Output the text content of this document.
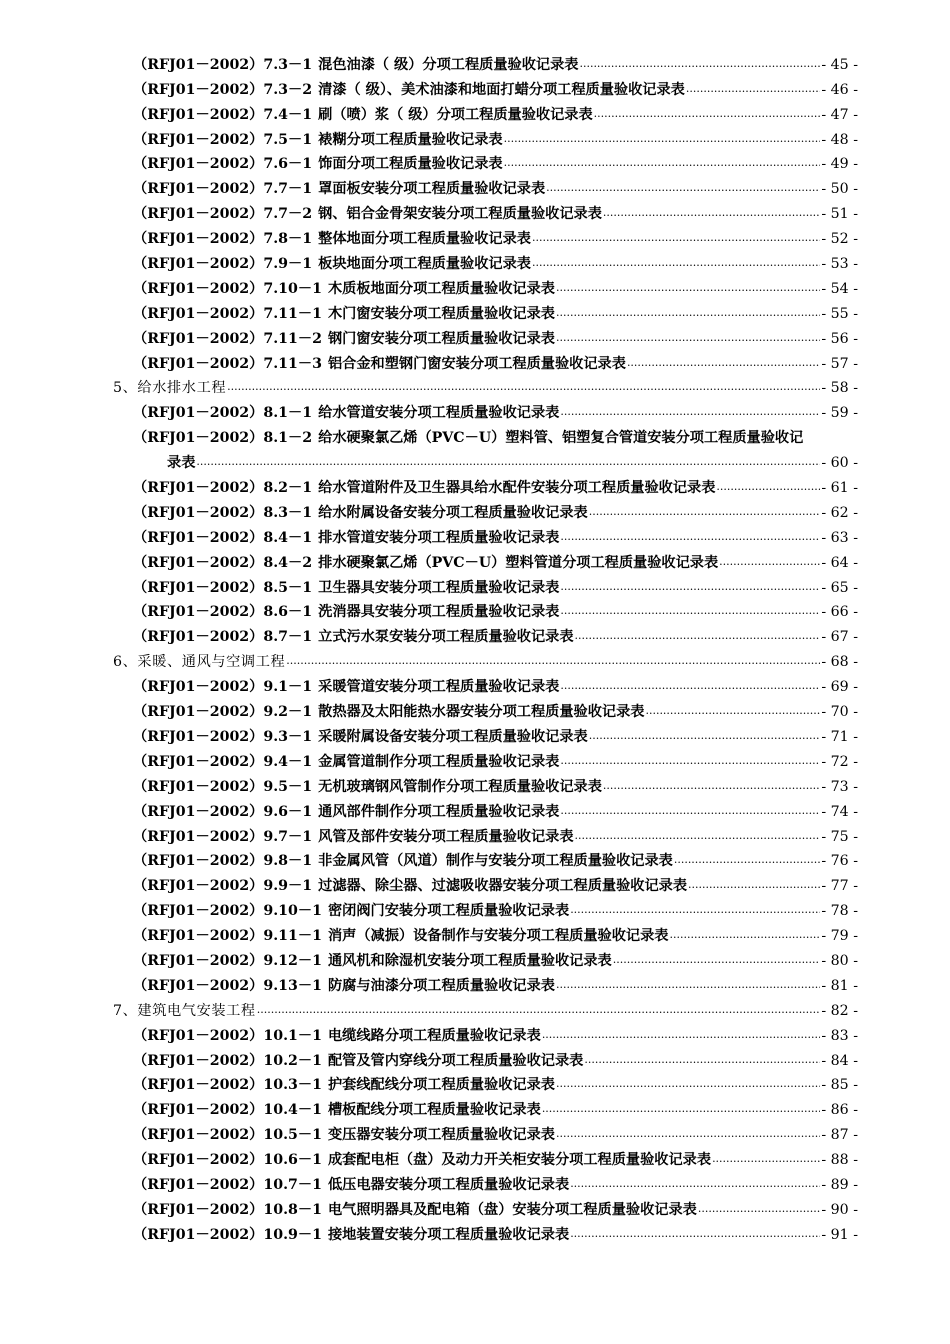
（RFJ01－2002）7.3－1 混色油漆（ 级）分项工程质量验收记录表 .....	- 45 -
（RFJ01－2002）7.3－2 清漆（ 级）、美术油漆和地面打蜡分项工程质量验收记录表 .....	- 46 -
（RFJ01－2002）7.4－1 刷（喷）浆（ 级）分项工程质量验收记录表 .....	- 47 -
（RFJ01－2002）7.5－1 裱糊分项工程质量验收记录表 .....	- 48 -
（RFJ01－2002）7.6－1 饰面分项工程质量验收记录表 .....	- 49 -
（RFJ01－2002）7.7－1 罩面板安装分项工程质量验收记录表 .....	- 50 -
（RFJ01－2002）7.7－2 钢、铝合金骨架安装分项工程质量验收记录表 .....	- 51 -
（RFJ01－2002）7.8－1 整体地面分项工程质量验收记录表 .....	- 52 -
（RFJ01－2002）7.9－1 板块地面分项工程质量验收记录表 .....	- 53 -
（RFJ01－2002）7.10－1 木质板地面分项工程质量验收记录表 .....	- 54 -
（RFJ01－2002）7.11－1 木门窗安装分项工程质量验收记录表 .....	- 55 -
（RFJ01－2002）7.11－2 钢门窗安装分项工程质量验收记录表 .....	- 56 -
（RFJ01－2002）7.11－3 铝合金和塑钢门窗安装分项工程质量验收记录表 .....	- 57 -
5、给水排水工程 .....	- 58 -
（RFJ01－2002）8.1－1 给水管道安装分项工程质量验收记录表 .....	- 59 -
（RFJ01－2002）8.1－2 给水硬聚氯乙烯（PVC－U）塑料管、铝塑复合管道安装分项工程质量验收记
录表 .....	- 60 -
（RFJ01－2002）8.2－1 给水管道附件及卫生器具给水配件安装分项工程质量验收记录表 .....	- 61 -
（RFJ01－2002）8.3－1 给水附属设备安装分项工程质量验收记录表 .....	- 62 -
（RFJ01－2002）8.4－1 排水管道安装分项工程质量验收记录表 .....	- 63 -
（RFJ01－2002）8.4－2 排水硬聚氯乙烯（PVC－U）塑料管道分项工程质量验收记录表 .....	- 64 -
（RFJ01－2002）8.5－1 卫生器具安装分项工程质量验收记录表 .....	- 65 -
（RFJ01－2002）8.6－1 洗消器具安装分项工程质量验收记录表 .....	- 66 -
（RFJ01－2002）8.7－1 立式污水泵安装分项工程质量验收记录表 .....	- 67 -
6、采暖、通风与空调工程 .....	- 68 -
（RFJ01－2002）9.1－1 采暖管道安装分项工程质量验收记录表 .....	- 69 -
（RFJ01－2002）9.2－1 散热器及太阳能热水器安装分项工程质量验收记录表 .....	- 70 -
（RFJ01－2002）9.3－1 采暖附属设备安装分项工程质量验收记录表 .....	- 71 -
（RFJ01－2002）9.4－1 金属管道制作分项工程质量验收记录表 .....	- 72 -
（RFJ01－2002）9.5－1 无机玻璃钢风管制作分项工程质量验收记录表 .....	- 73 -
（RFJ01－2002）9.6－1 通风部件制作分项工程质量验收记录表 .....	- 74 -
（RFJ01－2002）9.7－1 风管及部件安装分项工程质量验收记录表 .....	- 75 -
（RFJ01－2002）9.8－1 非金属风管（风道）制作与安装分项工程质量验收记录表 .....	- 76 -
（RFJ01－2002）9.9－1 过滤器、除尘器、过滤吸收器安装分项工程质量验收记录表 .....	- 77 -
（RFJ01－2002）9.10－1 密闭阀门安装分项工程质量验收记录表 .....	- 78 -
（RFJ01－2002）9.11－1 消声（减振）设备制作与安装分项工程质量验收记录表 .....	- 79 -
（RFJ01－2002）9.12－1 通风机和除湿机安装分项工程质量验收记录表 .....	- 80 -
（RFJ01－2002）9.13－1 防腐与油漆分项工程质量验收记录表 .....	- 81 -
7、建筑电气安装工程 .....	- 82 -
（RFJ01－2002）10.1－1 电缆线路分项工程质量验收记录表 .....	- 83 -
（RFJ01－2002）10.2－1 配管及管内穿线分项工程质量验收记录表 .....	- 84 -
（RFJ01－2002）10.3－1 护套线配线分项工程质量验收记录表 .....	- 85 -
（RFJ01－2002）10.4－1 槽板配线分项工程质量验收记录表 .....	- 86 -
（RFJ01－2002）10.5－1 变压器安装分项工程质量验收记录表 .....	- 87 -
（RFJ01－2002）10.6－1 成套配电柜（盘）及动力开关柜安装分项工程质量验收记录表 .....	- 88 -
（RFJ01－2002）10.7－1 低压电器安装分项工程质量验收记录表 .....	- 89 -
（RFJ01－2002）10.8－1 电气照明器具及配电箱（盘）安装分项工程质量验收记录表 .....	- 90 -
（RFJ01－2002）10.9－1 接地装置安装分项工程质量验收记录表 .....	- 91 -
